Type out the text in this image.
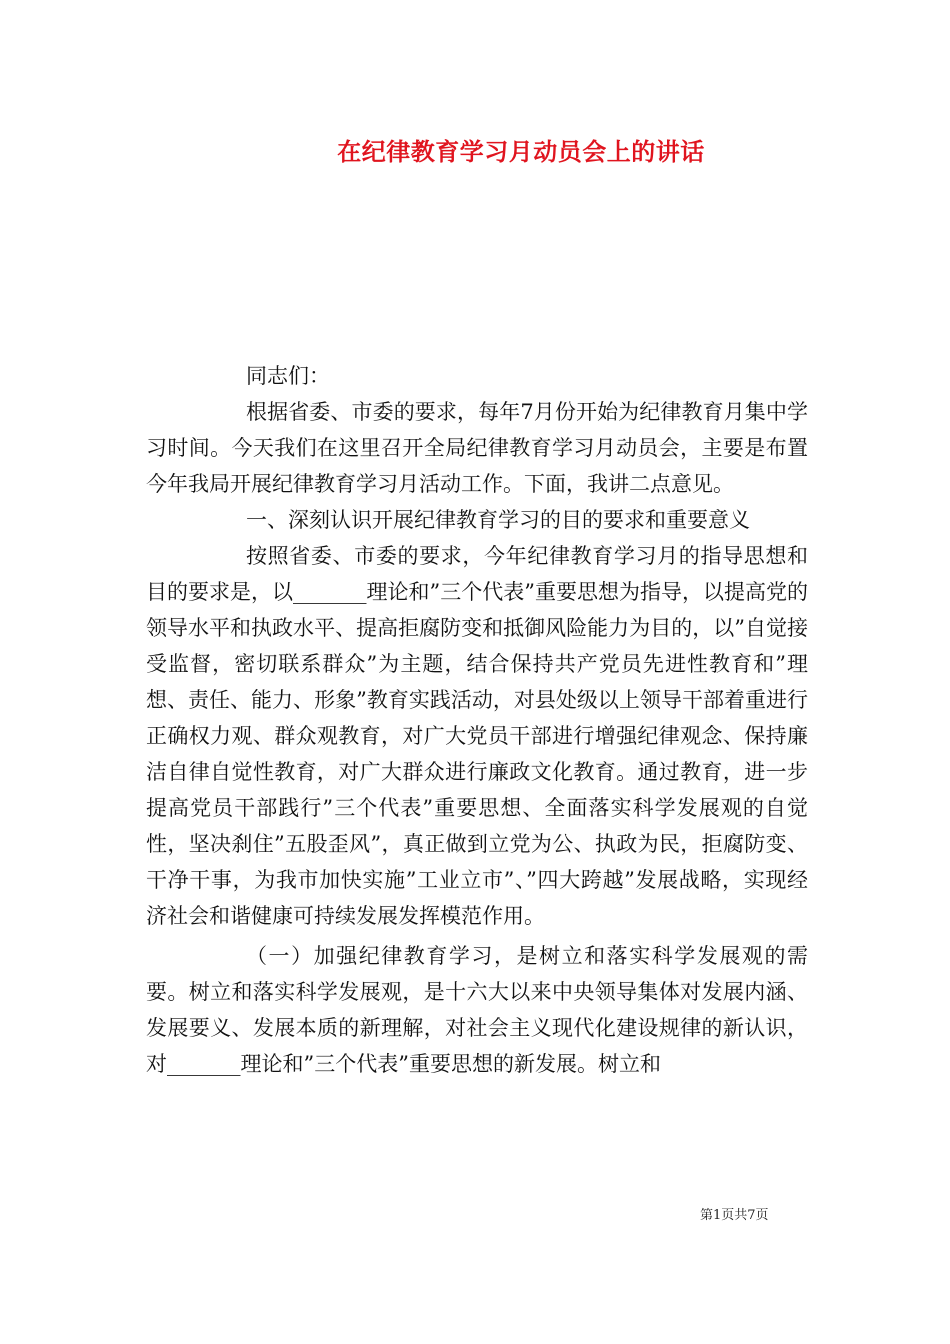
在纪律教育学习月动员会上的讲话

同志们：

根据省委、市委的要求，每年7月份开始为纪律教育月集中学习时间。今天我们在这里召开全局纪律教育学习月动员会，主要是布置今年我局开展纪律教育学习月活动工作。下面，我讲二点意见。

一、深刻认识开展纪律教育学习的目的要求和重要意义

按照省委、市委的要求，今年纪律教育学习月的指导思想和目的要求是，以_______理论和”三个代表”重要思想为指导，以提高党的领导水平和执政水平、提高拒腐防变和抵御风险能力为目的，以”自觉接受监督，密切联系群众”为主题，结合保持共产党员先进性教育和”理想、责任、能力、形象”教育实践活动，对县处级以上领导干部着重进行正确权力观、群众观教育，对广大党员干部进行增强纪律观念、保持廉洁自律自觉性教育，对广大群众进行廉政文化教育。通过教育，进一步提高党员干部践行”三个代表”重要思想、全面落实科学发展观的自觉性，坚决刹住”五股歪风”，真正做到立党为公、执政为民，拒腐防变、干净干事，为我市加快实施”工业立市”、”四大跨越”发展战略，实现经济社会和谐健康可持续发展发挥模范作用。

（一）加强纪律教育学习，是树立和落实科学发展观的需要。树立和落实科学发展观，是十六大以来中央领导集体对发展内涵、发展要义、发展本质的新理解，对社会主义现代化建设规律的新认识，对_______理论和”三个代表”重要思想的新发展。树立和

第1页共7页
